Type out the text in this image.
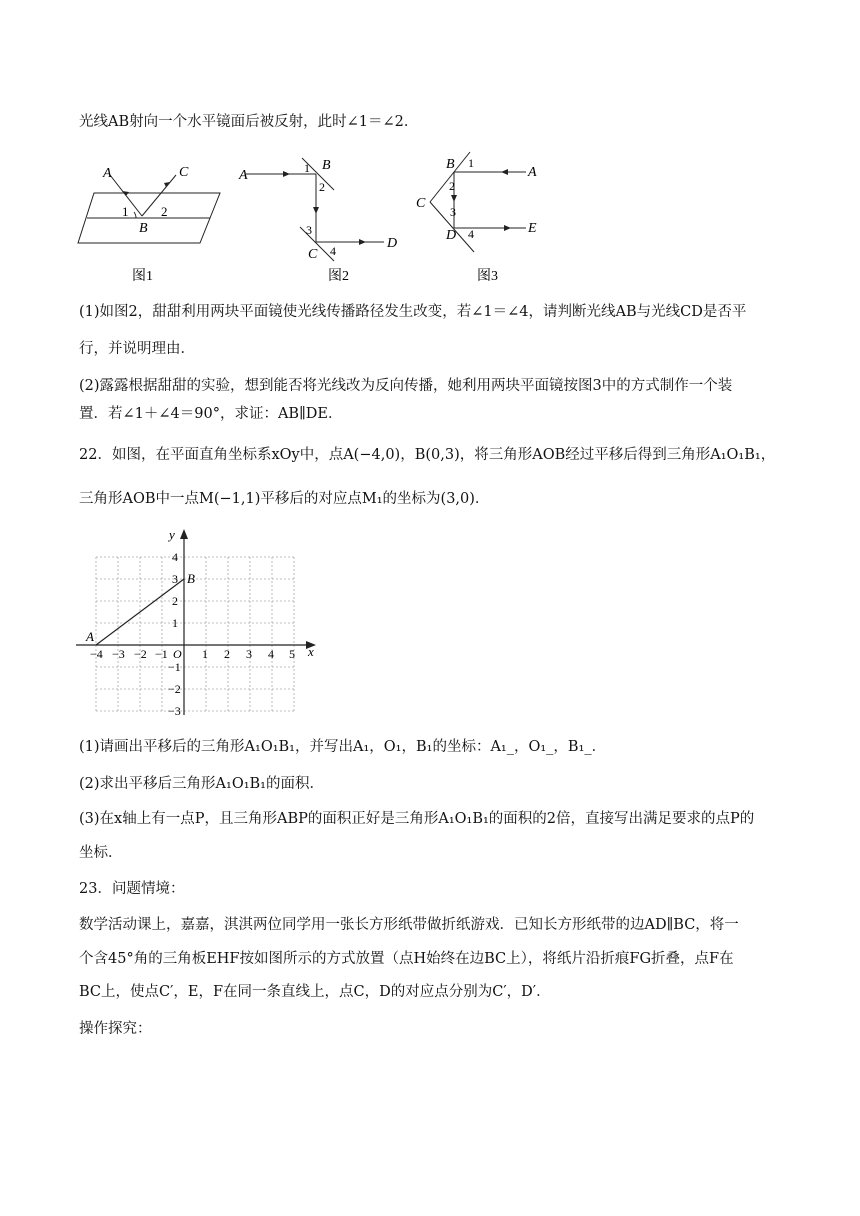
光线AB射向一个水平镜面后被反射，此时∠1＝∠2．
A	C
1	2
B
图1
A
B
1
2
3
4
C
D
图2
B 1
A
2
C
3
D 4	E
图3
(1)如图2，甜甜利用两块平面镜使光线传播路径发生改变，若∠1＝∠4，请判断光线AB与光线CD是否平
行，并说明理由．
(2)露露根据甜甜的实验，想到能否将光线改为反向传播，她利用两块平面镜按图3中的方式制作一个装
置．若∠1＋∠4＝90°，求证：AB∥DE．
22．如图，在平面直角坐标系xOy中，点A(−4,0)，B(0,3)，将三角形AOB经过平移后得到三角形A₁O₁B₁，
三角形AOB中一点M(−1,1)平移后的对应点M₁的坐标为(3,0)．
x
y
A
B
−4 −3 −2 −1 O 1 2 3 4 5
4
3
2
1
−1
−2
−3
(1)请画出平移后的三角形A₁O₁B₁，并写出A₁，O₁，B₁的坐标：A₁_，O₁_，B₁_．
(2)求出平移后三角形A₁O₁B₁的面积．
(3)在x轴上有一点P，且三角形ABP的面积正好是三角形A₁O₁B₁的面积的2倍，直接写出满足要求的点P的
坐标．
23．问题情境：
数学活动课上，嘉嘉，淇淇两位同学用一张长方形纸带做折纸游戏．已知长方形纸带的边AD∥BC，将一
个含45°角的三角板EHF按如图所示的方式放置（点H始终在边BC上），将纸片沿折痕FG折叠，点F在
BC上，使点C′，E，F在同一条直线上，点C，D的对应点分别为C′，D′．
操作探究：
